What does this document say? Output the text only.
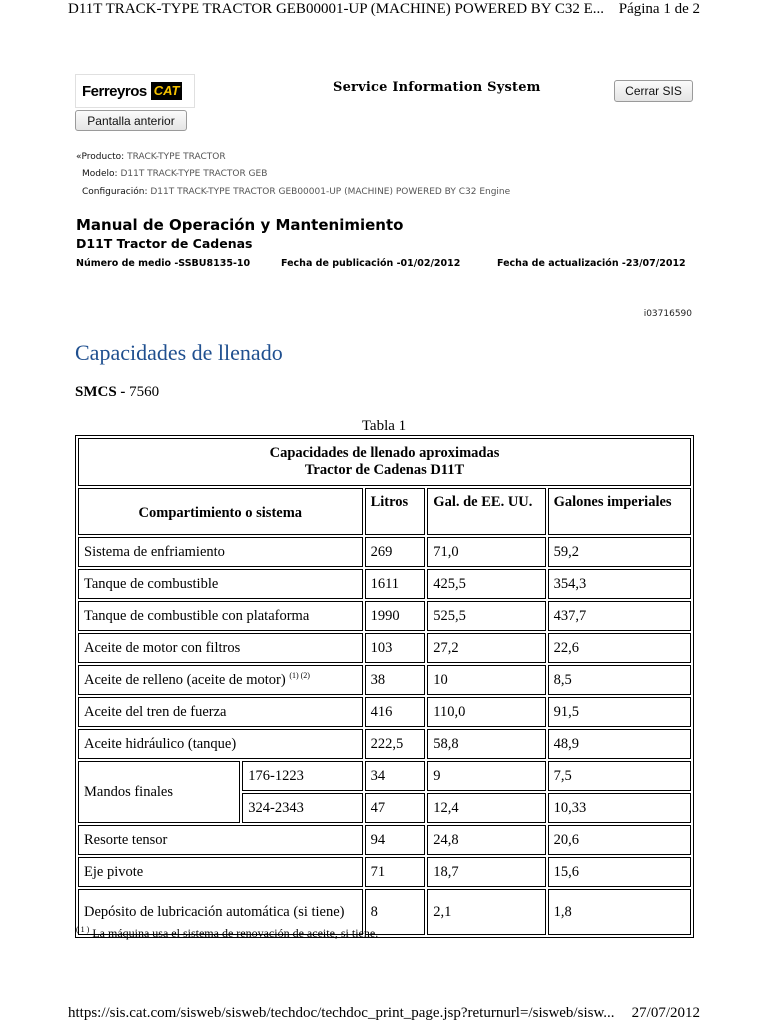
D11T TRACK-TYPE TRACTOR GEB00001-UP (MACHINE) POWERED BY C32 E... Página 1 de 2
Ferreyros CAT	Service Information System	Cerrar SIS
Pantalla anterior
«Producto: TRACK-TYPE TRACTOR
Modelo: D11T TRACK-TYPE TRACTOR GEB
Configuración: D11T TRACK-TYPE TRACTOR GEB00001-UP (MACHINE) POWERED BY C32 Engine
Manual de Operación y Mantenimiento
D11T Tractor de Cadenas
Número de medio -SSBU8135-10	Fecha de publicación -01/02/2012	Fecha de actualización -23/07/2012
i03716590
Capacidades de llenado
SMCS - 7560
Tabla 1
Capacidades de llenado aproximadas
Tractor de Cadenas D11T				

Compartimiento o sistema		Litros	Gal. de EE. UU.	Galones imperiales
Sistema de enfriamiento		269	71,0	59,2
Tanque de combustible		1611	425,5	354,3
Tanque de combustible con plataforma		1990	525,5	437,7
Aceite de motor con filtros		103	27,2	22,6
Aceite de relleno (aceite de motor) $^{(1) (2)}$		38	10	8,5
Aceite del tren de fuerza		416	110,0	91,5
Aceite hidráulico (tanque)		222,5	58,8	48,9
Mandos finales	176-1223	34	9	7,5
	324-2343	47	12,4	10,33
Resorte tensor		94	24,8	20,6
Eje pivote		71	18,7	15,6
Depósito de lubricación automática (si tiene)		8	2,1	1,8
$^{( 1 )}$ La máquina usa el sistema de renovación de aceite, si tiene.
https://sis.cat.com/sisweb/sisweb/techdoc/techdoc_print_page.jsp?returnurl=/sisweb/sisw... 27/07/2012
